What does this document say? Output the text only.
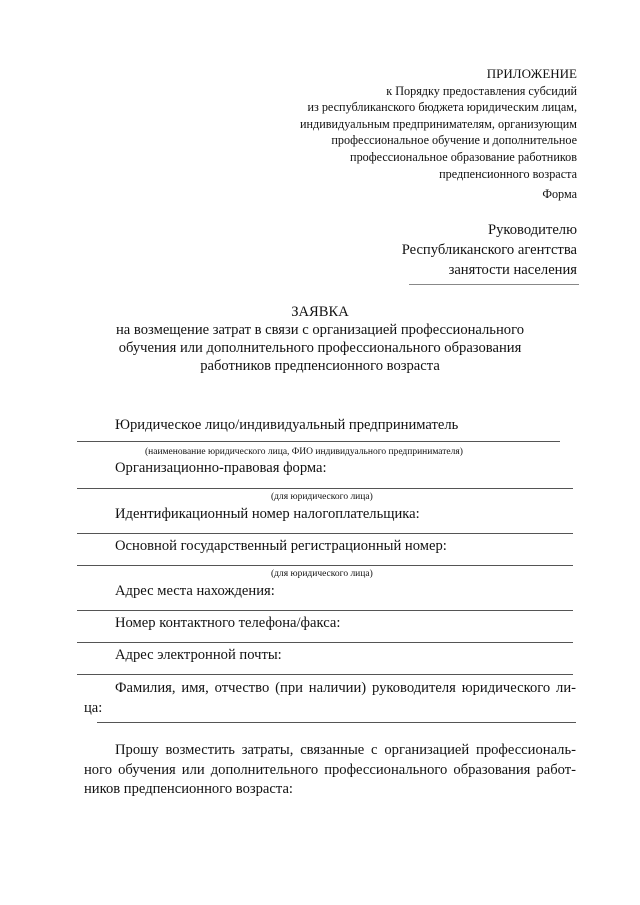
ПРИЛОЖЕНИЕ
к Порядку предоставления субсидий
из республиканского бюджета юридическим лицам,
индивидуальным предпринимателям, организующим
профессиональное обучение и дополнительное
профессиональное образование работников
предпенсионного возраста
Форма
Руководителю
Республиканского агентства
занятости населения
ЗАЯВКА
на возмещение затрат в связи с организацией профессионального
обучения или дополнительного профессионального образования
работников предпенсионного возраста
Юридическое лицо/индивидуальный предприниматель
(наименование юридического лица, ФИО индивидуального предпринимателя)
Организационно-правовая форма:
(для юридического лица)
Идентификационный номер налогоплательщика:
Основной государственный регистрационный номер:
(для юридического лица)
Адрес места нахождения:
Номер контактного телефона/факса:
Адрес электронной почты:
Фамилия, имя, отчество (при наличии) руководителя юридического ли-ца:
Прошу возместить затраты, связанные с организацией профессиональ-ного обучения или дополнительного профессионального образования работ-ников предпенсионного возраста:
